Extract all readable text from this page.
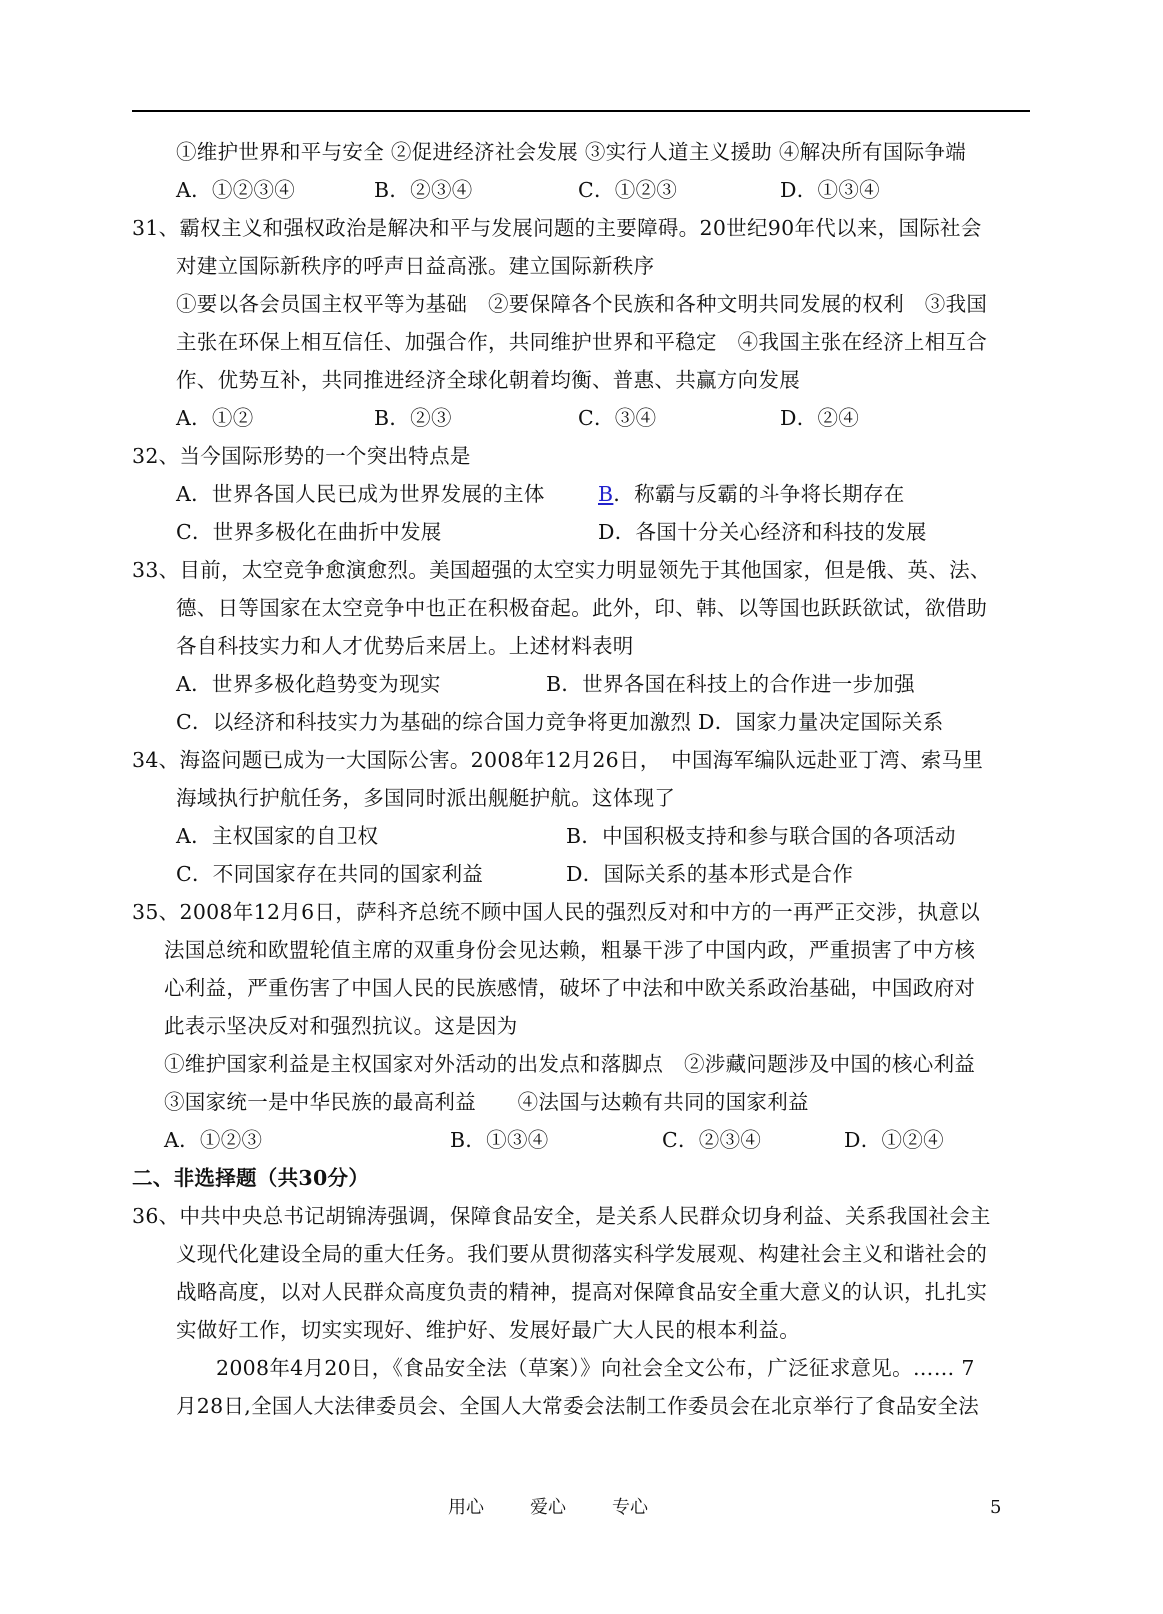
①维护世界和平与安全 ②促进经济社会发展 ③实行人道主义援助 ④解决所有国际争端
A．①②③④	B．②③④	C．①②③	D．①③④
31、霸权主义和强权政治是解决和平与发展问题的主要障碍。20世纪90年代以来，国际社会
对建立国际新秩序的呼声日益高涨。建立国际新秩序
①要以各会员国主权平等为基础　②要保障各个民族和各种文明共同发展的权利　③我国
主张在环保上相互信任、加强合作，共同维护世界和平稳定　④我国主张在经济上相互合
作、优势互补，共同推进经济全球化朝着均衡、普惠、共赢方向发展
A．①②	B．②③	C．③④	D．②④
32、当今国际形势的一个突出特点是
A．世界各国人民已成为世界发展的主体	B．称霸与反霸的斗争将长期存在
C．世界多极化在曲折中发展	D．各国十分关心经济和科技的发展
33、目前，太空竞争愈演愈烈。美国超强的太空实力明显领先于其他国家，但是俄、英、法、
德、日等国家在太空竞争中也正在积极奋起。此外，印、韩、以等国也跃跃欲试，欲借助
各自科技实力和人才优势后来居上。上述材料表明
A．世界多极化趋势变为现实	B．世界各国在科技上的合作进一步加强
C．以经济和科技实力为基础的综合国力竞争将更加激烈 D．国家力量决定国际关系
34、海盗问题已成为一大国际公害。2008年12月26日，　中国海军编队远赴亚丁湾、索马里
海域执行护航任务，多国同时派出舰艇护航。这体现了
A．主权国家的自卫权	B．中国积极支持和参与联合国的各项活动
C．不同国家存在共同的国家利益	D．国际关系的基本形式是合作
35、2008年12月6日，萨科齐总统不顾中国人民的强烈反对和中方的一再严正交涉，执意以
法国总统和欧盟轮值主席的双重身份会见达赖，粗暴干涉了中国内政，严重损害了中方核
心利益，严重伤害了中国人民的民族感情，破坏了中法和中欧关系政治基础，中国政府对
此表示坚决反对和强烈抗议。这是因为
①维护国家利益是主权国家对外活动的出发点和落脚点　②涉藏问题涉及中国的核心利益
③国家统一是中华民族的最高利益　　④法国与达赖有共同的国家利益
A．①②③	B．①③④	C．②③④	D．①②④
二、非选择题（共30分）
36、中共中央总书记胡锦涛强调，保障食品安全，是关系人民群众切身利益、关系我国社会主
义现代化建设全局的重大任务。我们要从贯彻落实科学发展观、构建社会主义和谐社会的
战略高度，以对人民群众高度负责的精神，提高对保障食品安全重大意义的认识，扎扎实
实做好工作，切实实现好、维护好、发展好最广大人民的根本利益。
2008年4月20日，《食品安全法（草案）》向社会全文公布，广泛征求意见。…… 7
月28日,全国人大法律委员会、全国人大常委会法制工作委员会在北京举行了食品安全法
用心	爱心	专心	5
